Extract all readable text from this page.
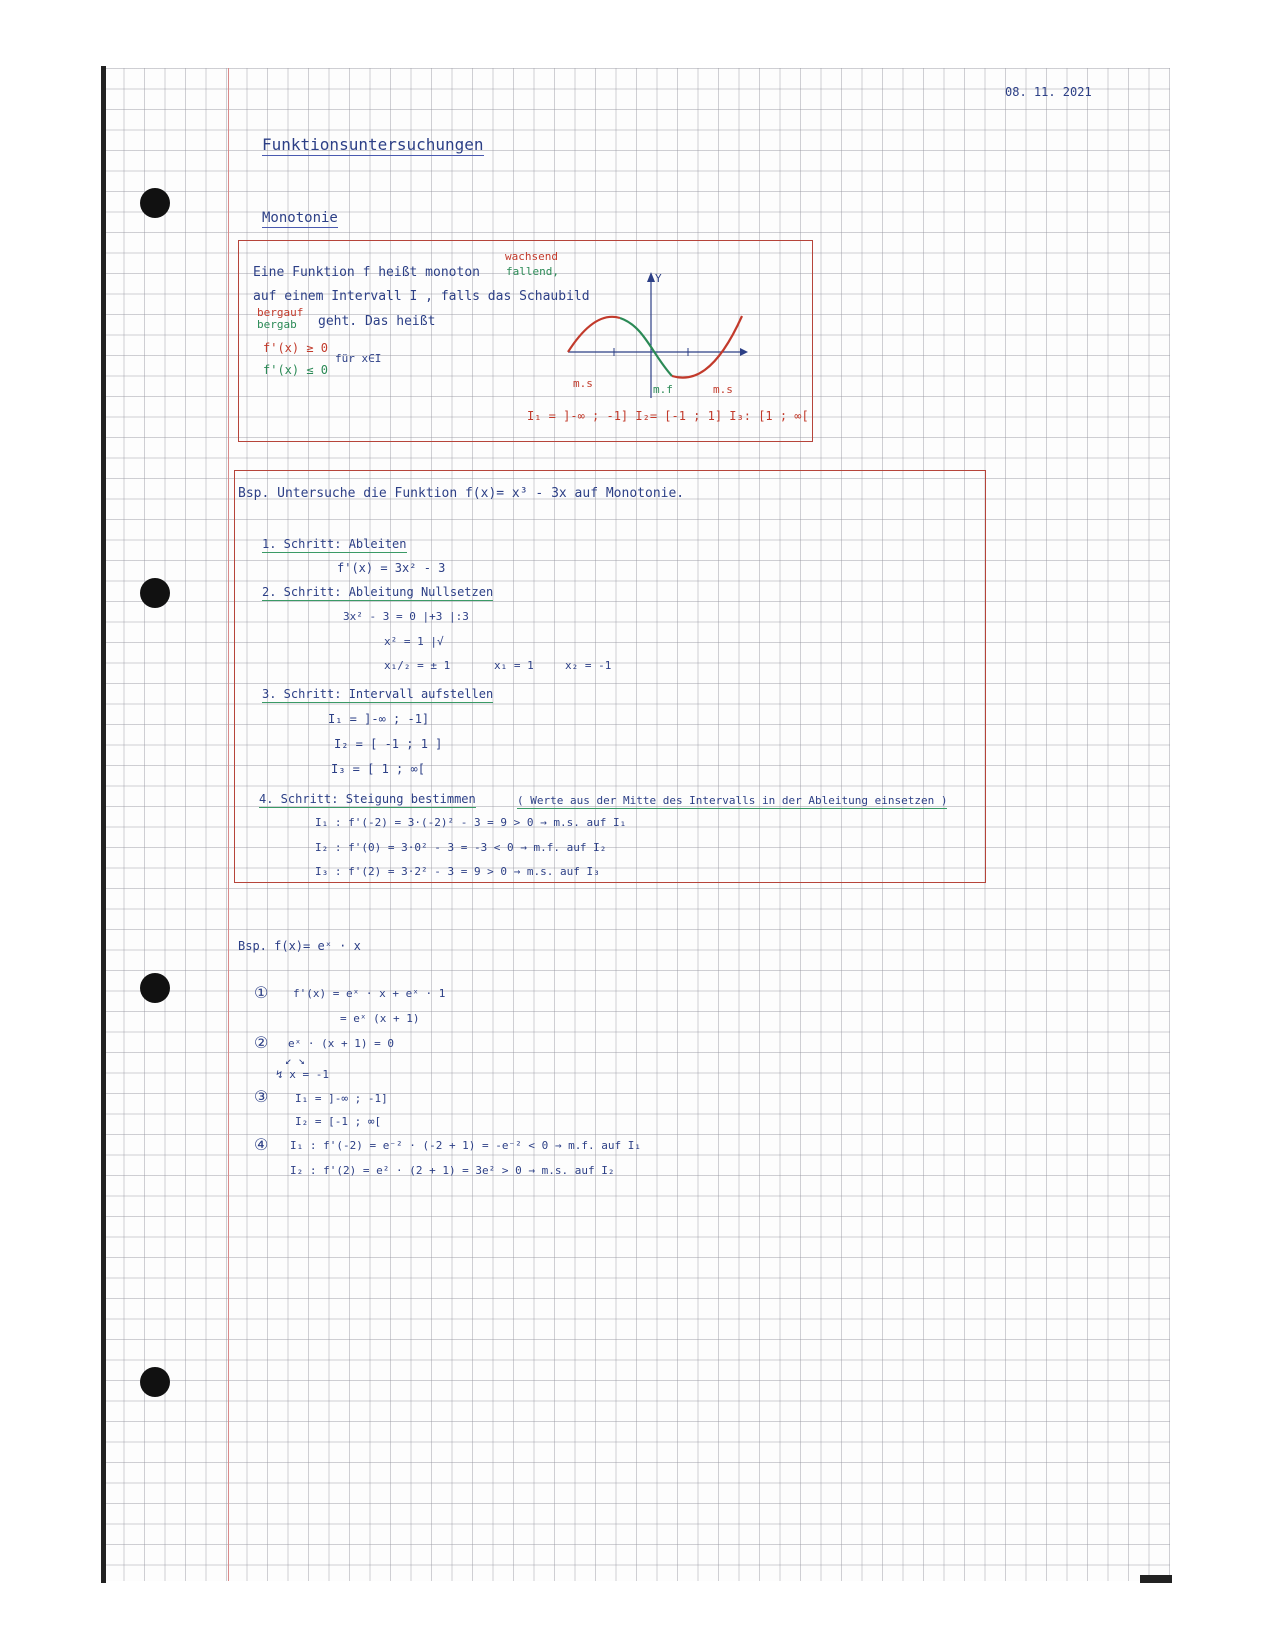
08. 11. 2021
Funktionsuntersuchungen
Monotonie
wachsend
Eine Funktion f heißt monoton fallend,
auf einem Intervall I , falls das Schaubild
bergauf
bergab geht. Das heißt
f'(x) ≥ 0
f'(x) ≤ 0
für x∈I
Y
m.s	m.f	m.s
I₁ = ]-∞ ; -1] I₂= [-1 ; 1] I₃: [1 ; ∞[
Bsp. Untersuche die Funktion f(x)= x³ - 3x auf Monotonie.
1. Schritt: Ableiten
f'(x) = 3x² - 3
2. Schritt: Ableitung Nullsetzen
3x² - 3 = 0 |+3 |:3
x² = 1 |√
x₁/₂ = ± 1	x₁ = 1	x₂ = -1
3. Schritt: Intervall aufstellen
I₁ = ]-∞ ; -1]
I₂ = [ -1 ; 1 ]
I₃ = [ 1 ; ∞[
4. Schritt: Steigung bestimmen	( Werte aus der Mitte des Intervalls in der Ableitung einsetzen )
I₁ : f'(-2) = 3·(-2)² - 3 = 9 > 0 → m.s. auf I₁
I₂ : f'(0) = 3·0² - 3 = -3 < 0 → m.f. auf I₂
I₃ : f'(2) = 3·2² - 3 = 9 > 0 → m.s. auf I₃
Bsp. f(x)= eˣ · x
① f'(x) = eˣ · x + eˣ · 1
= eˣ (x + 1)
② eˣ · (x + 1) = 0
↙ ↘
↯ x = -1
③ I₁ = ]-∞ ; -1]
I₂ = [-1 ; ∞[
④ I₁ : f'(-2) = e⁻² · (-2 + 1) = -e⁻² < 0 → m.f. auf I₁
I₂ : f'(2) = e² · (2 + 1) = 3e² > 0 → m.s. auf I₂
